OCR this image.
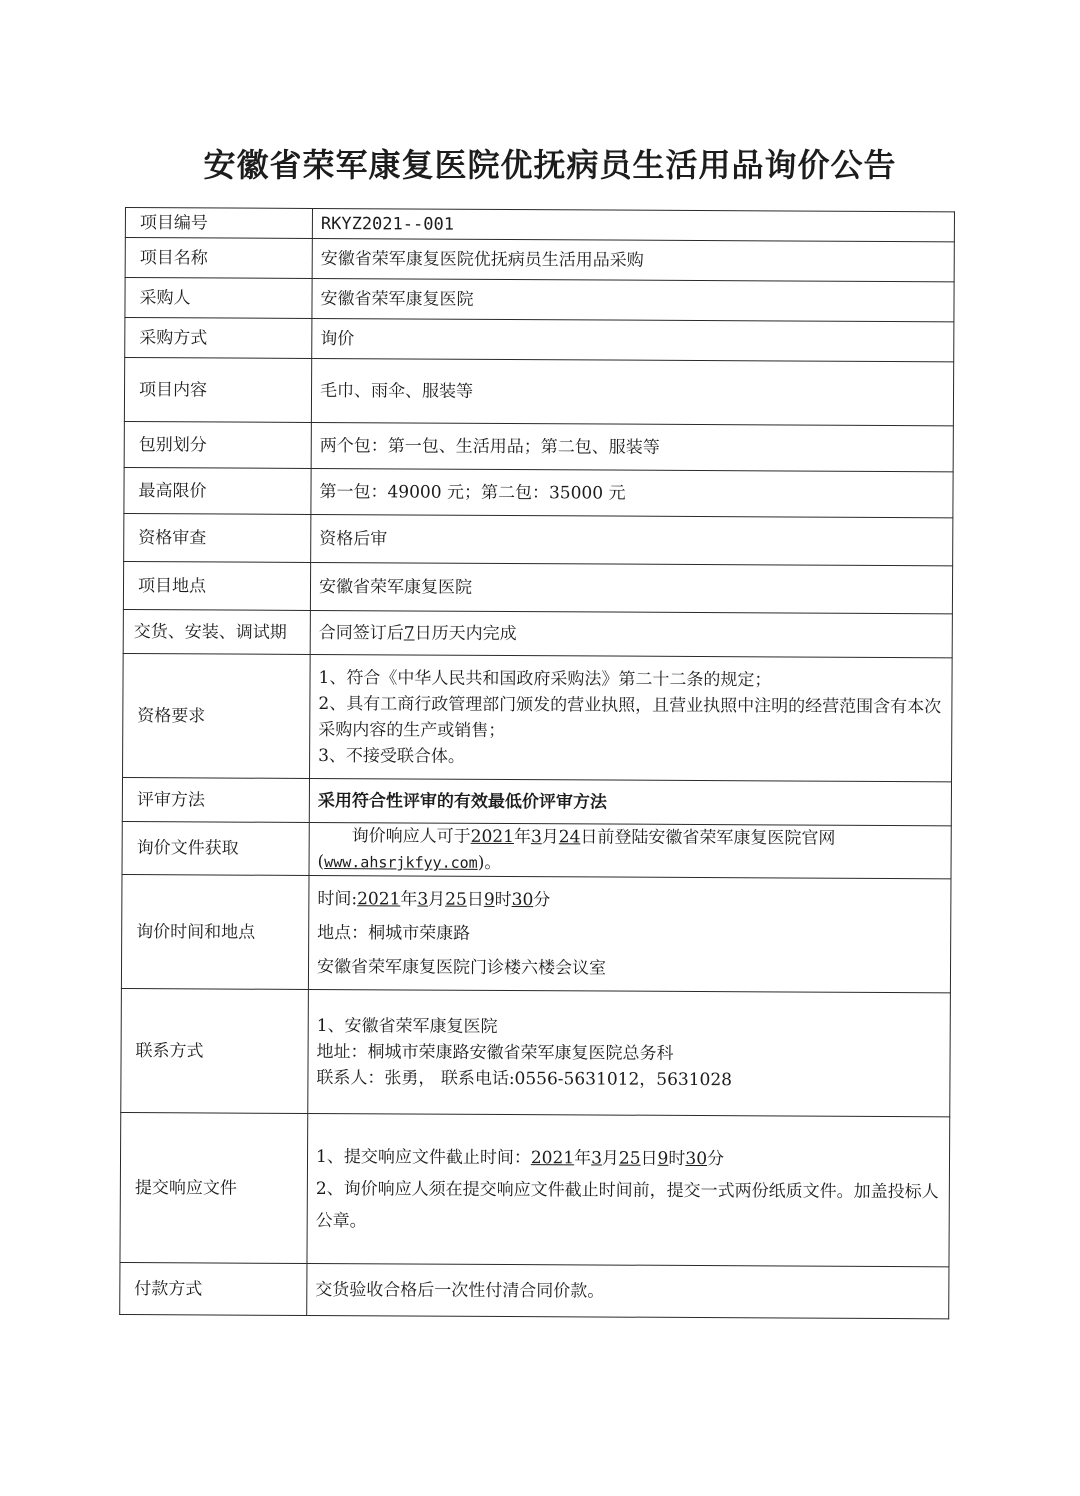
安徽省荣军康复医院优抚病员生活用品询价公告
项目编号	RKYZ2021--001
项目名称	安徽省荣军康复医院优抚病员生活用品采购
采购人	安徽省荣军康复医院
采购方式	询价
项目内容	毛巾、雨伞、服装等
包别划分	两个包：第一包、生活用品；第二包、服装等
最高限价	第一包：49000 元；第二包：35000 元
资格审查	资格后审
项目地点	安徽省荣军康复医院
交货、安装、调试期	合同签订后7日历天内完成
资格要求	1、符合《中华人民共和国政府采购法》第二十二条的规定；

2、具有工商行政管理部门颁发的营业执照，且营业执照中注明的经营范围含有本次采购内容的生产或销售；

3、不接受联合体。

评审方法	采用符合性评审的有效最低价评审方法
询价文件获取	询价响应人可于2021年3月24日前登陆安徽省荣军康复医院官网(www.ahsrjkfyy.com)。

询价时间和地点	时间:2021年3月25日9时30分

地点：桐城市荣康路

安徽省荣军康复医院门诊楼六楼会议室

联系方式	1、安徽省荣军康复医院

地址：桐城市荣康路安徽省荣军康复医院总务科

联系人：张勇， 联系电话:0556-5631012，5631028

提交响应文件	1、提交响应文件截止时间：2021年3月25日9时30分

2、询价响应人须在提交响应文件截止时间前，提交一式两份纸质文件。加盖投标人公章。

付款方式	交货验收合格后一次性付清合同价款。
